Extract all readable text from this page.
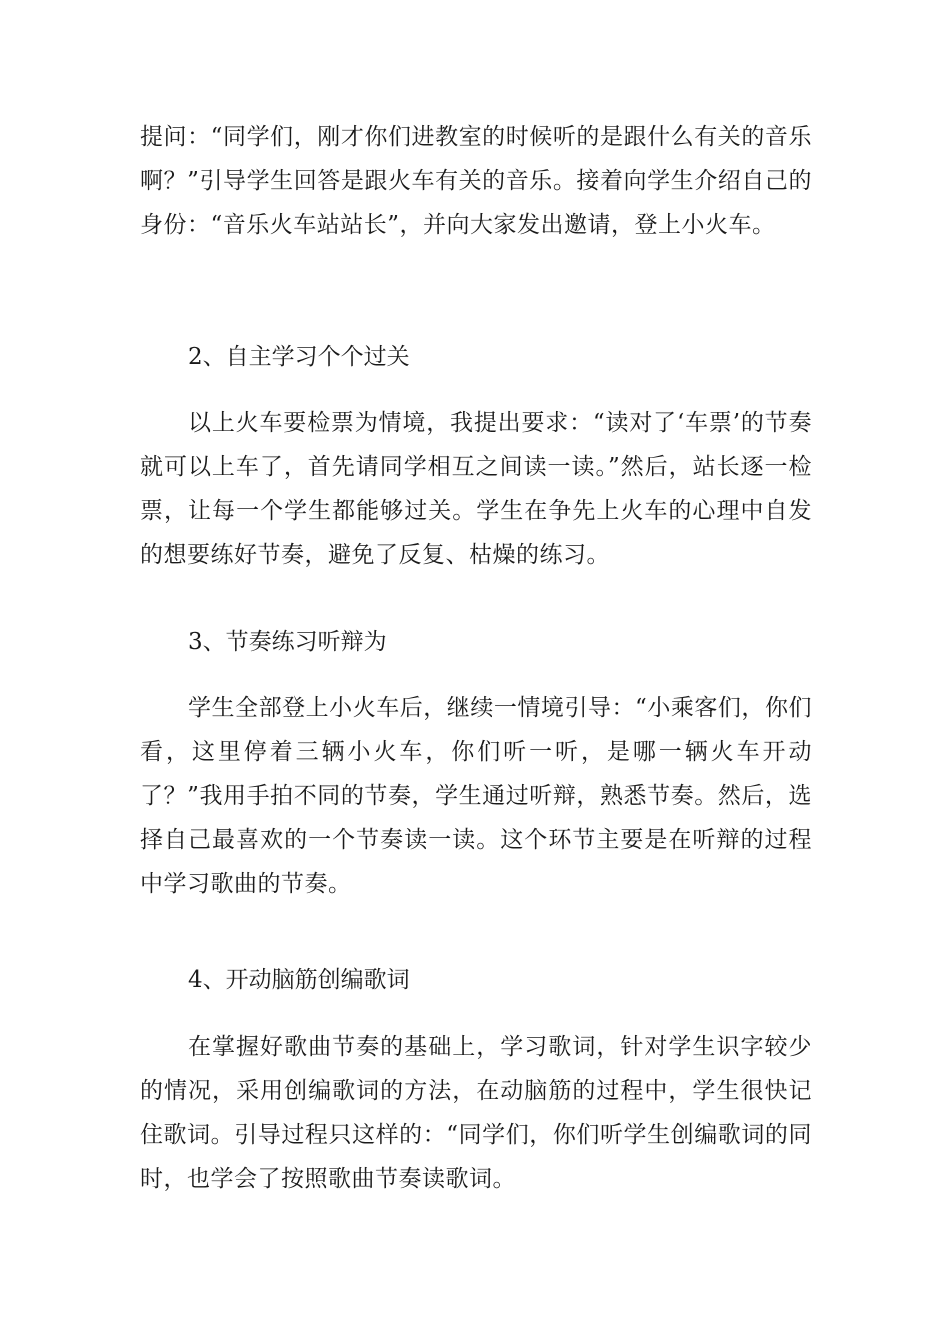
提问：“同学们，刚才你们进教室的时候听的是跟什么有关的音乐啊？”引导学生回答是跟火车有关的音乐。接着向学生介绍自己的身份：“音乐火车站站长”，并向大家发出邀请，登上小火车。

2、自主学习个个过关

以上火车要检票为情境，我提出要求：“读对了‘车票’的节奏就可以上车了，首先请同学相互之间读一读。”然后，站长逐一检票，让每一个学生都能够过关。学生在争先上火车的心理中自发的想要练好节奏，避免了反复、枯燥的练习。

3、节奏练习听辩为

学生全部登上小火车后，继续一情境引导：“小乘客们，你们看，这里停着三辆小火车，你们听一听，是哪一辆火车开动了？”我用手拍不同的节奏，学生通过听辩，熟悉节奏。然后，选择自己最喜欢的一个节奏读一读。这个环节主要是在听辩的过程中学习歌曲的节奏。

4、开动脑筋创编歌词

在掌握好歌曲节奏的基础上，学习歌词，针对学生识字较少的情况，采用创编歌词的方法，在动脑筋的过程中，学生很快记住歌词。引导过程只这样的：“同学们，你们听学生创编歌词的同时，也学会了按照歌曲节奏读歌词。
